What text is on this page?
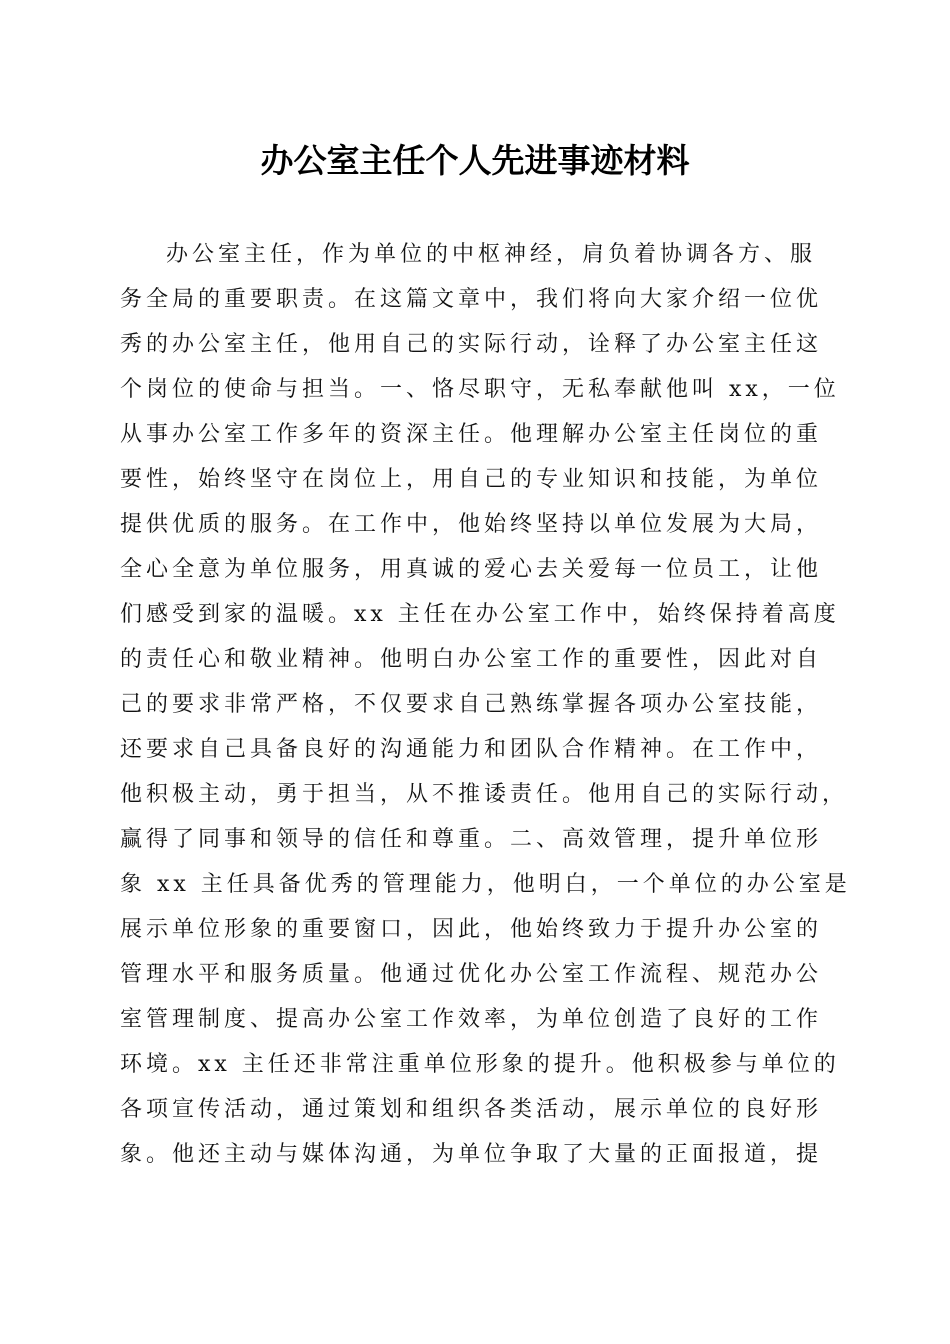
办公室主任个人先进事迹材料
办公室主任，作为单位的中枢神经，肩负着协调各方、服
务全局的重要职责。在这篇文章中，我们将向大家介绍一位优
秀的办公室主任，他用自己的实际行动，诠释了办公室主任这
个岗位的使命与担当。一、恪尽职守，无私奉献他叫 xx，一位
从事办公室工作多年的资深主任。他理解办公室主任岗位的重
要性，始终坚守在岗位上，用自己的专业知识和技能，为单位
提供优质的服务。在工作中，他始终坚持以单位发展为大局，
全心全意为单位服务，用真诚的爱心去关爱每一位员工，让他
们感受到家的温暖。xx 主任在办公室工作中，始终保持着高度
的责任心和敬业精神。他明白办公室工作的重要性，因此对自
己的要求非常严格，不仅要求自己熟练掌握各项办公室技能，
还要求自己具备良好的沟通能力和团队合作精神。在工作中，
他积极主动，勇于担当，从不推诿责任。他用自己的实际行动，
赢得了同事和领导的信任和尊重。二、高效管理，提升单位形
象 xx 主任具备优秀的管理能力，他明白，一个单位的办公室是
展示单位形象的重要窗口，因此，他始终致力于提升办公室的
管理水平和服务质量。他通过优化办公室工作流程、规范办公
室管理制度、提高办公室工作效率，为单位创造了良好的工作
环境。xx 主任还非常注重单位形象的提升。他积极参与单位的
各项宣传活动，通过策划和组织各类活动，展示单位的良好形
象。他还主动与媒体沟通，为单位争取了大量的正面报道，提
